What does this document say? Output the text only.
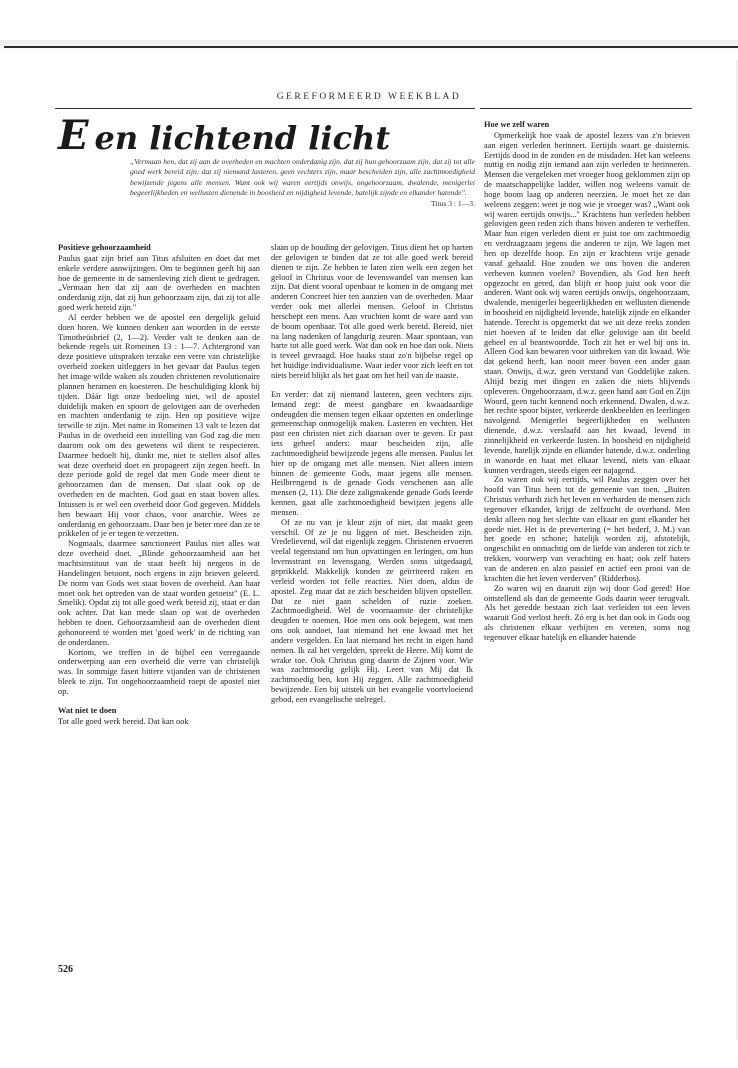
GEREFORMEERD WEEKBLAD
E en lichtend licht
„Vermaan hen, dat zij aan de overheden en machten onderdanig zijn, dat zij hun gehoorzaam zijn, dat zij tot alle goed werk bereid zijn; dat zij niemand lasteren, geen vechters zijn, maar bescheiden zijn, alle zachtmoedigheid bewijzende jegens alle mensen. Want ook wij waren eertijds onwijs, ongehoorzaam, dwalende, menigerlei begeerlijkheden en wellusten dienende in boosheid en nijdigheid levende, hatelijk zijnde en elkander hatende".
Titus 3 : 1—3.
Positieve gehoorzaamheid

Paulus gaat zijn brief aan Titus afsluiten en doet dat met enkele verdere aanwijzingen. Om te beginnen geeft hij aan hoe de gemeente in de samenleving zich dient te gedragen. „Vermaan hen dat zij aan de overheden en machten onderdanig zijn, dat zij hun gehoorzaam zijn, dat zij tot alle goed werk bereid zijn."

Al eerder hebben we de apostel een dergelijk geluid doen horen. We kunnen denken aan woorden in de eerste Timotheüsbrief (2, 1—2). Verder valt te denken aan de bekende regels uit Romeinen 13 : 1—7. Achtergrond van deze positieve uitspraken terzake een verre van christelijke overheid zoeken uitleggers in het gevaar dat Paulus tegen het image wilde waken als zouden christenen revolutionaire plannen beramen en koesteren. De beschuldiging klonk bij tijden. Dáár ligt onze bedoeling niet, wil de apostel duidelijk maken en spoort de gelovigen aan de overheden en machten onderdanig te zijn. Hen op positieve wijze terwille te zijn. Met name in Romeinen 13 valt te lezen dat Paulus in de overheid een instelling van God zag die men daarom ook om des gewetens wil dient te respecteren. Daarmee bedoelt hij, dunkt me, niet te stellen alsof alles wat deze overheid doet en propageert zijn zegen heeft. In deze periode gold de regel dat men Gode meer dient te gehoorzamen dan de mensen. Dat slaat ook op de overheden en de machten. God gaat en staat boven alles. Intussen is er wel een overheid door God gegeven. Middels hen bewaart Hij voor chaos, voor anarchie. Wees ze onderdanig en gehoorzaam. Daar ben je beter mee dan ze te prikkelen of je er tegen te verzetten.

Nogmaals, daarmee sanctioneert Paulus niet alles wat deze overheid doet. „Blinde gehoorzaamheid aan het machtsinstituut van de staat heeft hij nergens in de Handelingen betoont, noch ergens in zijn brieven geleerd. De norm van Gods wet staat boven de overheid. Aan haar moet ook het optreden van de staat worden getoetst" (E. L. Smelik). Opdat zij tot alle goed werk bereid zij, staat er dan ook achter. Dat kan mede slaan op wat de overheden hebben te doen. Gehoorzaamheid aan de overheden dient gehonoreerd te worden met 'goed werk' in de richting van de onderdanen.

Kortom, we treffen in de bijbel een verregaande onderwerping aan een overheid die verre van christelijk was. In sommige fasen bittere vijanden van de christenen bleek te zijn. Tot ongehoorzaamheid roept de apostel niet op.

Wat niet te doen

Tot alle goed werk bereid. Dat kan ook

slaan op de houding der gelovigen. Titus dient het op harten der gelovigen te binden dat ze tot alle goed werk bereid dienen te zijn. Ze hebben te laten zien welk een zegen het geloof in Christus voor de levenswandel van mensen kan zijn. Dat dient vooral openbaar te komen in de omgang met anderen Concreet hier ten aanzien van de overheden. Maar verder ook met allerlei mensen. Geloof in Christus herschept een mens. Aan vruchten komt de ware aard van de boom openbaar. Tot alle goed werk bereid. Bereid, niet na lang nadenken of langdurig zeuren. Maar spontaan, van harte tot alle goed werk. Wat dan ook en hoe dan ook. Niets is teveel gevraagd. Hoe haaks staat zo'n bijbelse regel op het huidige individualisme. Waar ieder voor zich leeft en tot niets bereid blijkt als het gaat om het heil van de naaste.

En verder: dat zij niemand lasteren, geen vechters zijn. Iemand zegt: de meest gangbare en kwaadaardige ondeugden die mensen tegen elkaar opzetten en onderlinge gemeenschap onmogelijk maken. Lasteren en vechten. Het past een christen niet zich daaraan over te geven. Er past iets geheel anders: maar bescheiden zijn, alle zachtmoedigheid bewijzende jegens alle mensen. Paulus let hier op de omgang met alle mensen. Niet alleen intern binnen de gemeente Gods, maar jegens alle mensen. Heilbrengend is de genade Gods verschenen aan alle mensen (2, 11). Die deze zaligmakende genade Gods leerde kennen, gaat alle zachtmoedigheid bewijzen jegens alle mensen.

Of ze nu van je kleur zijn of niet, dat maakt geen verschil. Of ze je nu liggen of niet. Bescheiden zijn. Vredelievend, wil dat eigenlijk zeggen. Christenen ervoeren veelal tegenstand om hun opvattingen en leringen, om hun levensstrant en levensgang. Werden soms uitgedaagd, geprikkeld. Makkelijk konden ze geïrriteerd raken en verleid worden tot felle reacties. Niet doen, aldus de apostel. Zeg maar dat ze zich bescheiden blijven opstellen. Dat ze niet gaan schelden of ruzie zoeken. Zachtmoedigheid. Wel de voornaamste der christelijke deugden te noemen. Hoe men ons ook bejegent, wat men ons ook aandoet, laat niemand het ene kwaad met het andere vergelden. En laat niemand het recht in eigen hand nemen. Ik zal het vergelden, spreekt de Heere. Mij komt de wrake toe. Ook Christus ging daarin de Zijnen voor. Wie was zachtmoedig gelijk Hij. Leert van Mij dat Ik zachtmoedig ben, kon Hij zeggen. Alle zachtmoedigheid bewijzende. Een bij uitstek uit het evangelie voortvloeiend gebod, een evangelische stelregel.

Hoe we zelf waren

Opmerkelijk hoe vaak de apostel lezers van z'n brieven aan eigen verleden herinnert. Eertijds waart ge duisternis. Eertijds dood in de zonden en de misdaden. Het kan weleens nuttig en nodig zijn iemand aan zijn verleden te herinneren. Mensen die vergeleken met vroeger hoog geklommen zijn op de maatschappelijke ladder, willen nog weleens vanuit de hoge boom laag op anderen neerzien. Je moet het ze dan weleens zeggen: weet je nog wie je vroeger was? „Want ook wij waren eertijds onwijs..." Krachtens hun verleden hebben gelovigen geen reden zich thans boven anderen te verheffen. Maar hun eigen verleden dient er juist toe om zachtmoedig en verdraagzaam jegens die anderen te zijn. We lagen met hen op dezelfde hoop. En zijn er krachtens vrije genade vanaf gehaald. Hoe zouden we ons boven die anderen verheven kunnen voelen? Bovendien, als God hen heeft opgezocht en gered, dan blijft er hoop juist ook voor die anderen. Want ook wij waren eertijds onwijs, ongehoorzaam, dwalende, menigerlei begeerlijkheden en wellusten dienende in boosheid en nijdigheid levende, hatelijk zijnde en elkander hatende. Terecht is opgemerkt dat we uit deze reeks zonden niet hoeven af te leiden dat elke gelovige aan dit beeld geheel en al beantwoordde. Toch zit het er wel bij ons in. Alleen God kan bewaren voor uitbreken van dit kwaad. Wie dat gekend heeft, kan nooit meer boven een ander gaan staan. Onwijs, d.w.z. geen verstand van Goddelijke zaken. Altijd bezig met dingen en zaken die niets blijvends opleveren. Ongehoorzaam, d.w.z. geen hand aan God en Zijn Woord, geen tucht kennend noch erkennend. Dwalen, d.w.z. het rechte spoor bijster, verkeerde denkbeelden en leerlingen navolgend. Menigerlei begeerlijkheden en wellusten dienende, d.w.z. verslaafd aan het kwaad, levend in zinnelijkheid en verkeerde lusten. In boosheid en nijdigheid levende, hatelijk zijnde en elkander hatende, d.w.z. onderling in wanorde en haat met elkaar levend, niets van elkaar kunnen verdragen, steeds eigen eer najagend.

Zo waren ook wij eertijds, wil Paulus zeggen over het hoofd van Titus heen tot de gemeente van toen. „Buiten Christus verhardt zich het leven en verharden de mensen zich tegenover elkander, krijgt de zelfzucht de overhand. Men denkt alleen nog het slechte van elkaar en gunt elkander het goede niet. Het is de prevertering (= het bederf, J. M.) van het goede en schone; hatelijk worden zij, afstotelijk, ongeschikt en onmachtig om de liefde van anderen tot zich te trekken, voorwerp van verachting en haat; ook zelf haters van de anderen en alzo passief en actief een prooi van de krachten die het leven verderven" (Ridderbos).

Zo waren wij en daaruit zijn wij door God gered! Hoe ontstellend als dan de gemeente Gods daarin weer terugvalt. Als het geredde bestaan zich laat verleiden tot een leven waaruit God verlost heeft. Zó erg is het dan ook in Gods oog als christenen elkaar verbijten en vereten, soms nog tegenover elkaar hatelijk en elkander hatende

526
